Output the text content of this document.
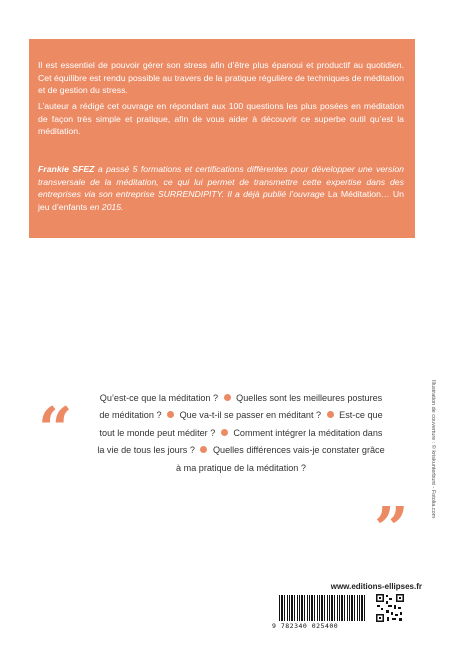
Il est essentiel de pouvoir gérer son stress afin d’être plus épanoui et productif au quotidien. Cet équilibre est rendu possible au travers de la pratique régulière de techniques de méditation et de gestion du stress.

L’auteur a rédigé cet ouvrage en répondant aux 100 questions les plus posées en méditation de façon très simple et pratique, afin de vous aider à découvrir ce superbe outil qu’est la méditation.

Frankie SFEZ a passé 5 formations et certifications différentes pour développer une version transversale de la méditation, ce qui lui permet de transmettre cette expertise dans des entreprises via son entreprise SURRENDIPITY. Il a déjà publié l’ouvrage La Méditation… Un jeu d’enfants en 2015.

“	Qu’est-ce que la méditation ? Quelles sont les meilleures postures de méditation ? Que va-t-il se passer en méditant ? Est-ce que tout le monde peut méditer ? Comment intégrer la méditation dans la vie de tous les jours ? Quelles différences vais-je constater grâce à ma pratique de la méditation ?
”
Illustration de couverture : © kriskunterbunt - Fotolia.com
www.editions-ellipses.fr
9 782340 025400
